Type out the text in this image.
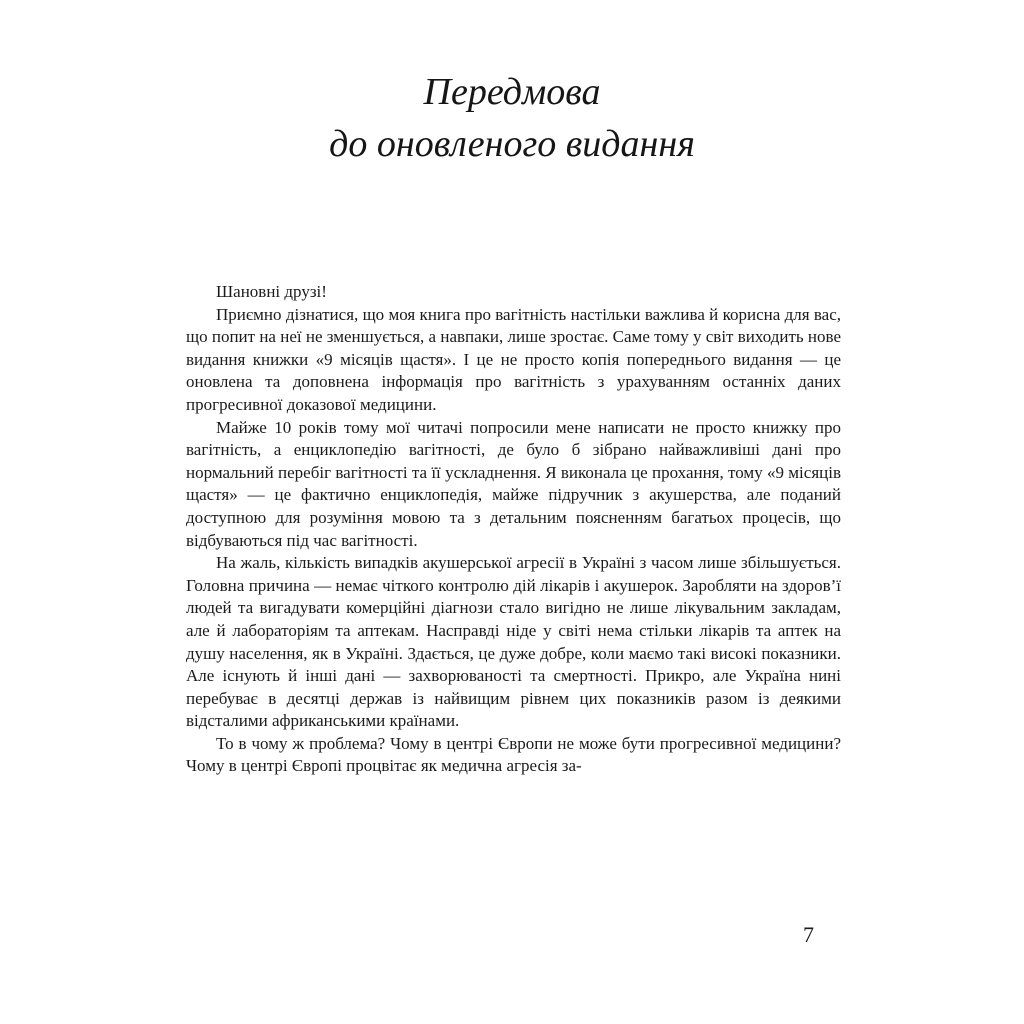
Передмова
до оновленого видання

Шановні друзі!

Приємно дізнатися, що моя книга про вагітність настільки важлива й корисна для вас, що попит на неї не зменшується, а навпаки, лише зростає. Саме тому у світ виходить нове видання книжки «9 місяців щастя». І це не просто копія попереднього видання — це оновлена та доповнена інформація про вагітність з урахуванням останніх даних прогресивної доказової медицини.

Майже 10 років тому мої читачі попросили мене написати не просто книжку про вагітність, а енциклопедію вагітності, де було б зібрано найважливіші дані про нормальний перебіг вагітності та її ускладнення. Я виконала це прохання, тому «9 місяців щастя» — це фактично енциклопедія, майже підручник з акушерства, але поданий доступною для розуміння мовою та з детальним поясненням багатьох процесів, що відбуваються під час вагітності.

На жаль, кількість випадків акушерської агресії в Україні з часом лише збільшується. Головна причина — немає чіткого контролю дій лікарів і акушерок. Заробляти на здоров’ї людей та вигадувати комерційні діагнози стало вигідно не лише лікувальним закладам, але й лабораторіям та аптекам. Насправді ніде у світі нема стільки лікарів та аптек на душу населення, як в Україні. Здається, це дуже добре, коли маємо такі високі показники. Але існують й інші дані — захворюваності та смертності. Прикро, але Україна нині перебуває в десятці держав із найвищим рівнем цих показників разом із деякими відсталими африканськими країнами.

То в чому ж проблема? Чому в центрі Європи не може бути прогресивної медицини? Чому в центрі Європі процвітає як медична агресія за-

7
